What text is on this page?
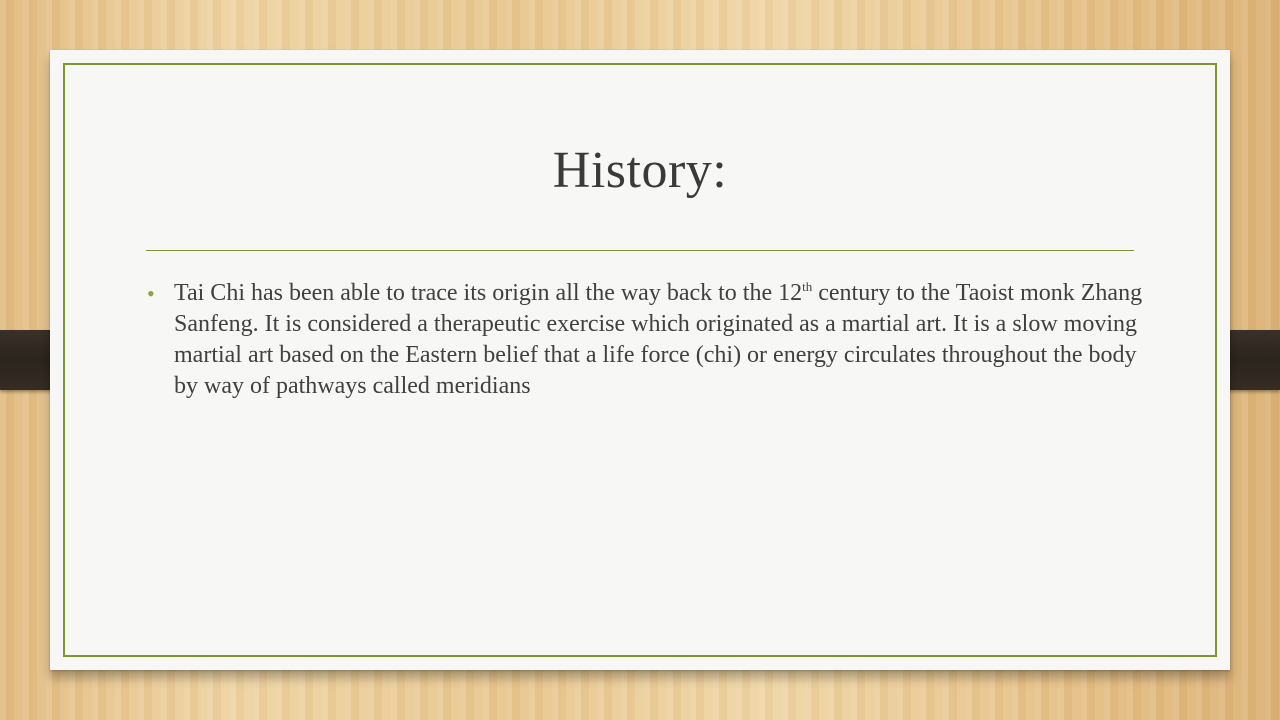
History:
• Tai Chi has been able to trace its origin all the way back to the 12th century to the Taoist monk Zhang Sanfeng. It is considered a therapeutic exercise which originated as a martial art. It is a slow moving martial art based on the Eastern belief that a life force (chi) or energy circulates throughout the body by way of pathways called meridians
